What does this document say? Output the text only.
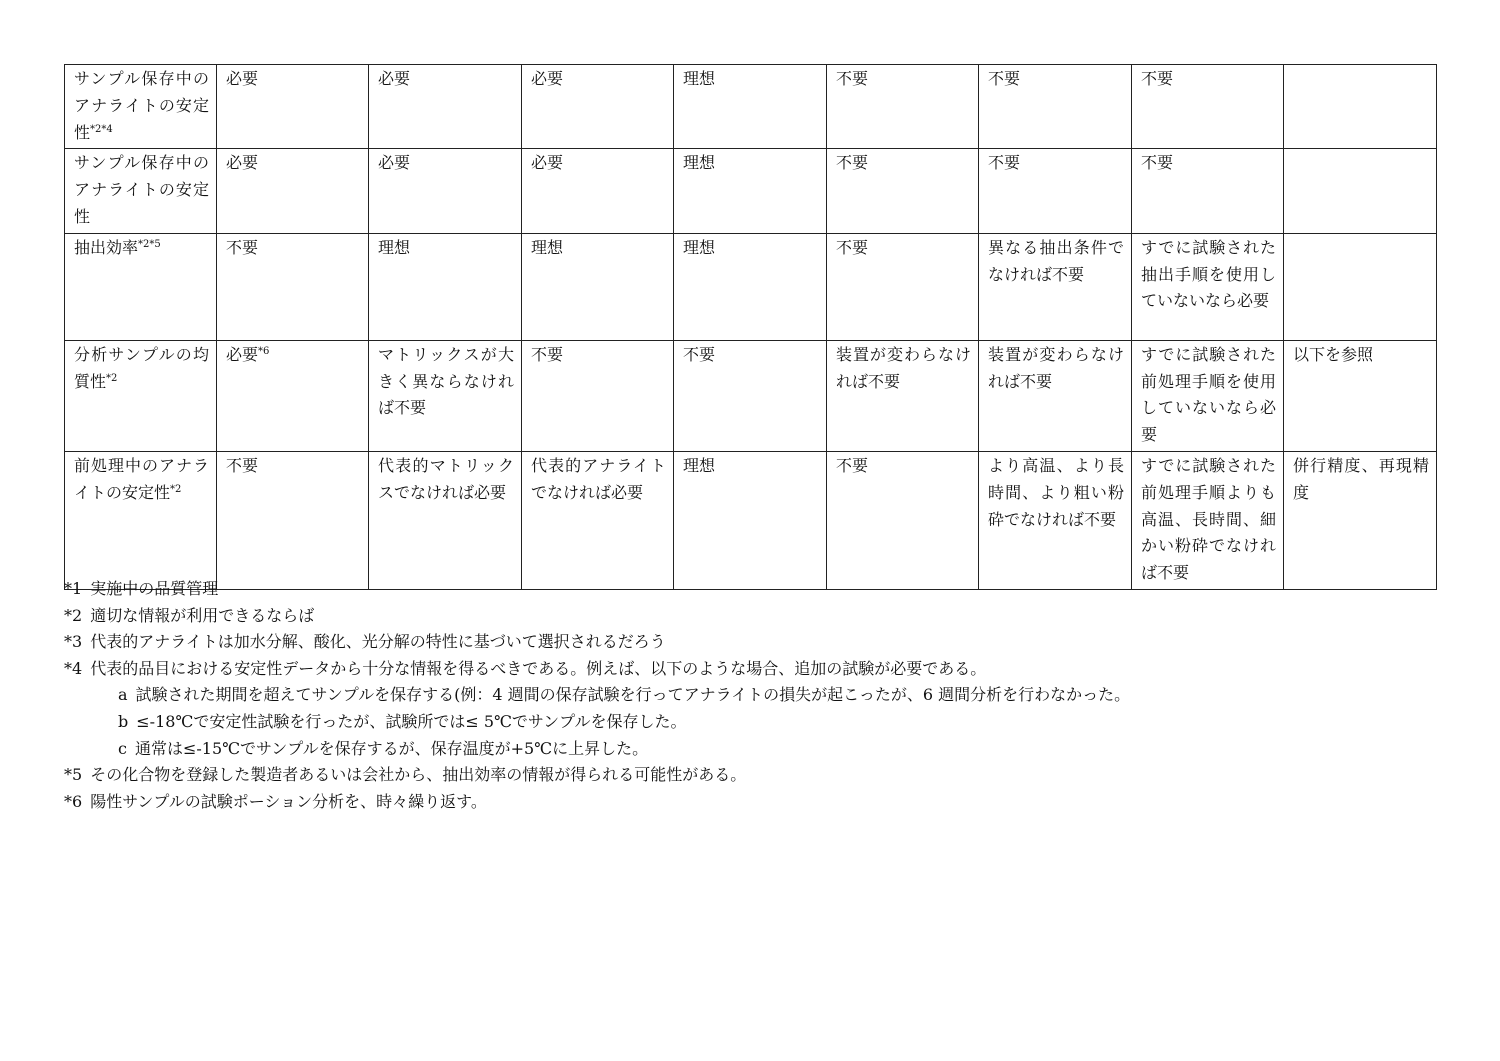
サンプル保存中のアナライトの安定性$^{*2*4}$	必要	必要	必要	理想	不要	不要	不要	
サンプル保存中のアナライトの安定性	必要	必要	必要	理想	不要	不要	不要	
抽出効率$^{*2*5}$	不要	理想	理想	理想	不要	異なる抽出条件でなければ不要	すでに試験された抽出手順を使用していないなら必要	
分析サンプルの均質性$^{*2}$	必要$^{*6}$	マトリックスが大きく異ならなければ不要	不要	不要	装置が変わらなければ不要	装置が変わらなければ不要	すでに試験された前処理手順を使用していないなら必要	以下を参照
前処理中のアナライトの安定性$^{*2}$	不要	代表的マトリックスでなければ必要	代表的アナライトでなければ必要	理想	不要	より高温、より長時間、より粗い粉砕でなければ不要	すでに試験された前処理手順よりも高温、長時間、細かい粉砕でなければ不要	併行精度、再現精度
*1 実施中の品質管理
*2 適切な情報が利用できるならば
*3 代表的アナライトは加水分解、酸化、光分解の特性に基づいて選択されるだろう
*4 代表的品目における安定性データから十分な情報を得るべきである。例えば、以下のような場合、追加の試験が必要である。
a 試験された期間を超えてサンプルを保存する(例：4 週間の保存試験を行ってアナライトの損失が起こったが、6 週間分析を行わなかった。
b ≤-18℃で安定性試験を行ったが、試験所では≤ 5℃でサンプルを保存した。
c 通常は≤-15℃でサンプルを保存するが、保存温度が+5℃に上昇した。
*5 その化合物を登録した製造者あるいは会社から、抽出効率の情報が得られる可能性がある。
*6 陽性サンプルの試験ポーション分析を、時々繰り返す。
